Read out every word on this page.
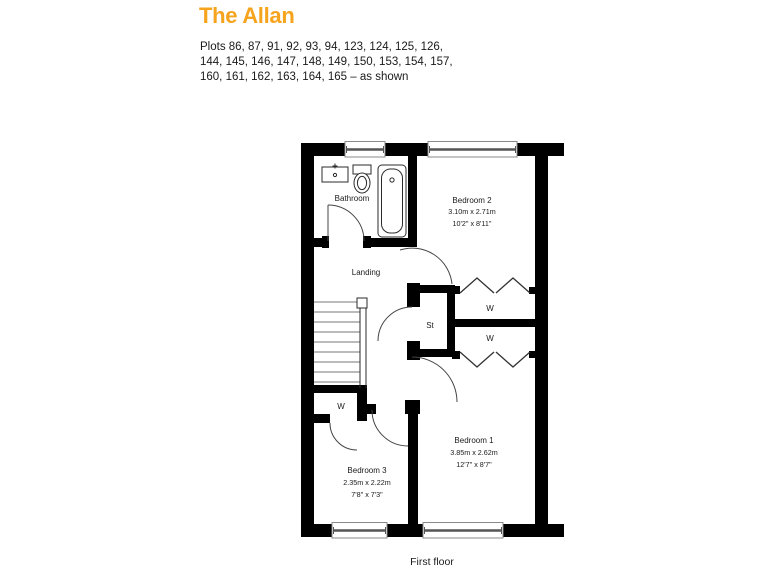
The Allan
Plots 86, 87, 91, 92, 93, 94, 123, 124, 125, 126,
144, 145, 146, 147, 148, 149, 150, 153, 154, 157,
160, 161, 162, 163, 164, 165 – as shown
Bathroom	Bedroom 2
3.10m x 2.71m
10'2" x 8'11"
Landing
St
W
W
W
Bedroom 3
2.35m x 2.22m
7'8" x 7'3"
Bedroom 1
3.85m x 2.62m
12'7" x 8'7"
First floor
